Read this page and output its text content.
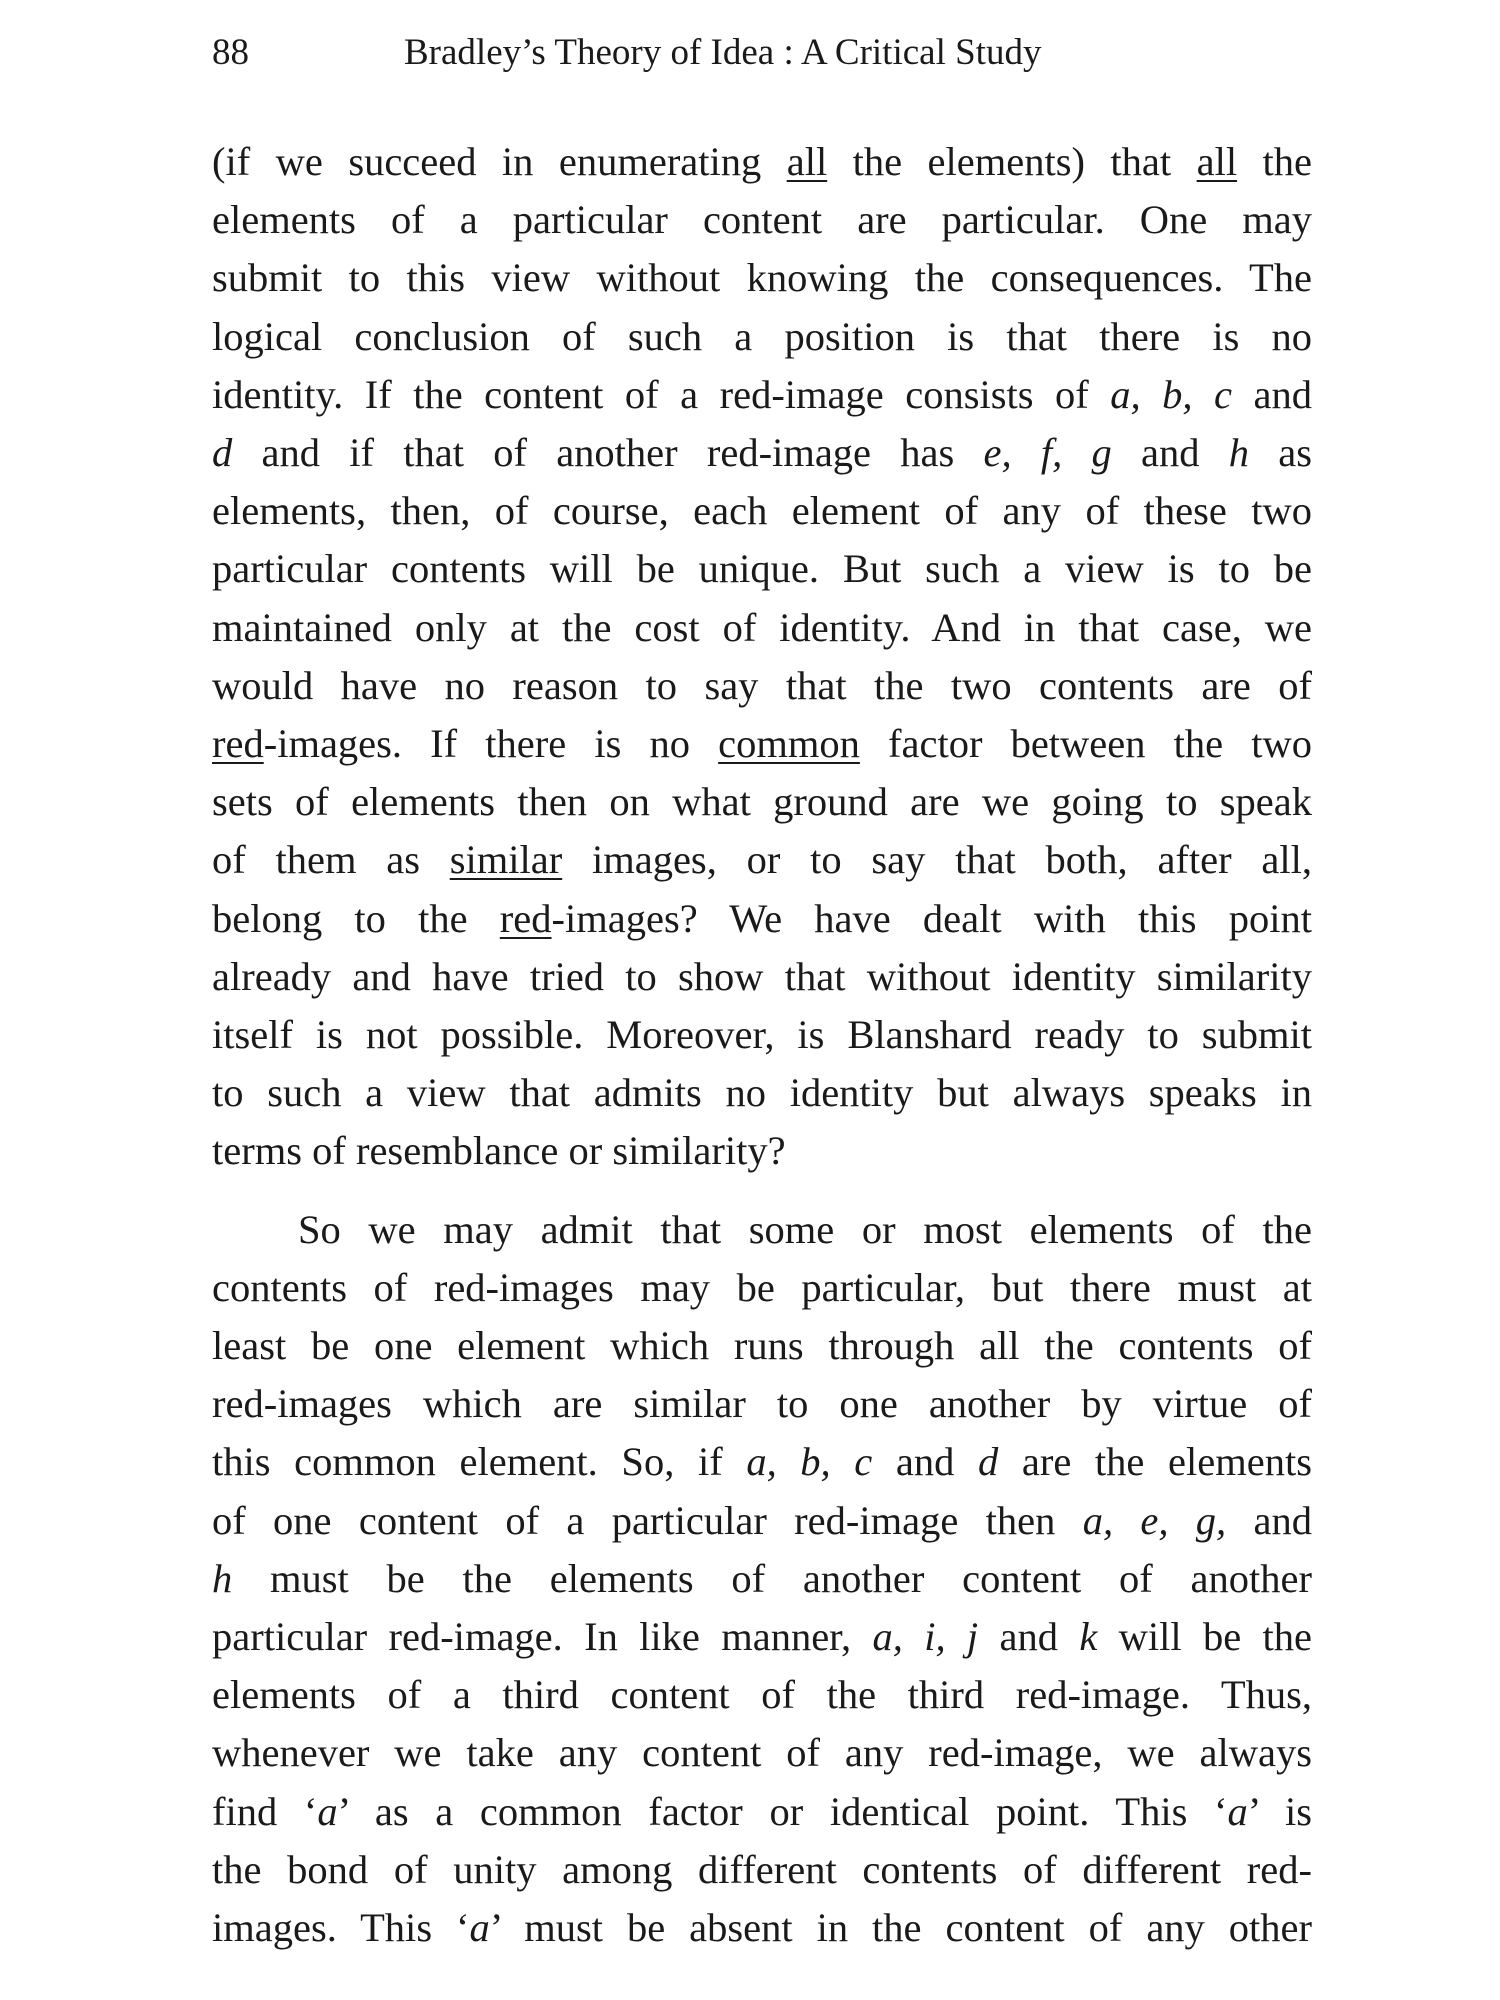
88	Bradley’s Theory of Idea : A Critical Study

(if we succeed in enumerating all the elements) that all the
elements of a particular content are particular. One may
submit to this view without knowing the consequences. The
logical conclusion of such a position is that there is no
identity. If the content of a red-image consists of a, b, c and
d and if that of another red-image has e, f, g and h as
elements, then, of course, each element of any of these two
particular contents will be unique. But such a view is to be
maintained only at the cost of identity. And in that case, we
would have no reason to say that the two contents are of
red-images. If there is no common factor between the two
sets of elements then on what ground are we going to speak
of them as similar images, or to say that both, after all,
belong to the red-images? We have dealt with this point
already and have tried to show that without identity similarity
itself is not possible. Moreover, is Blanshard ready to submit
to such a view that admits no identity but always speaks in
terms of resemblance or similarity?

So we may admit that some or most elements of the
contents of red-images may be particular, but there must at
least be one element which runs through all the contents of
red-images which are similar to one another by virtue of
this common element. So, if a, b, c and d are the elements
of one content of a particular red-image then a, e, g, and
h must be the elements of another content of another
particular red-image. In like manner, a, i, j and k will be the
elements of a third content of the third red-image. Thus,
whenever we take any content of any red-image, we always
find ‘a’ as a common factor or identical point. This ‘a’ is
the bond of unity among different contents of different red-
images. This ‘a’ must be absent in the content of any other
